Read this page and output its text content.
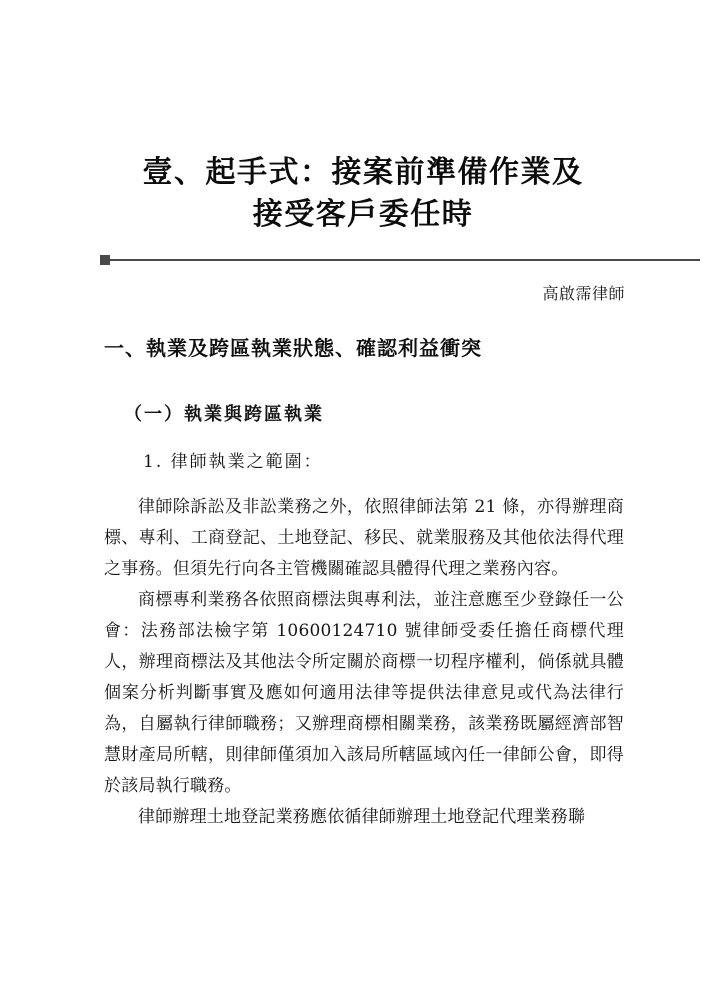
壹、起手式：接案前準備作業及
接受客戶委任時
高啟霈律師
一、執業及跨區執業狀態、確認利益衝突
（一）執業與跨區執業
1. 律師執業之範圍：

律師除訴訟及非訟業務之外，依照律師法第 21 條，亦得辦理商標、專利、工商登記、土地登記、移民、就業服務及其他依法得代理之事務。但須先行向各主管機關確認具體得代理之業務內容。

商標專利業務各依照商標法與專利法，並注意應至少登錄任一公會：法務部法檢字第 10600124710 號律師受委任擔任商標代理人，辦理商標法及其他法令所定關於商標一切程序權利，倘係就具體個案分析判斷事實及應如何適用法律等提供法律意見或代為法律行為，自屬執行律師職務；又辦理商標相關業務，該業務既屬經濟部智慧財產局所轄，則律師僅須加入該局所轄區域內任一律師公會，即得於該局執行職務。

律師辦理土地登記業務應依循律師辦理土地登記代理業務聯
